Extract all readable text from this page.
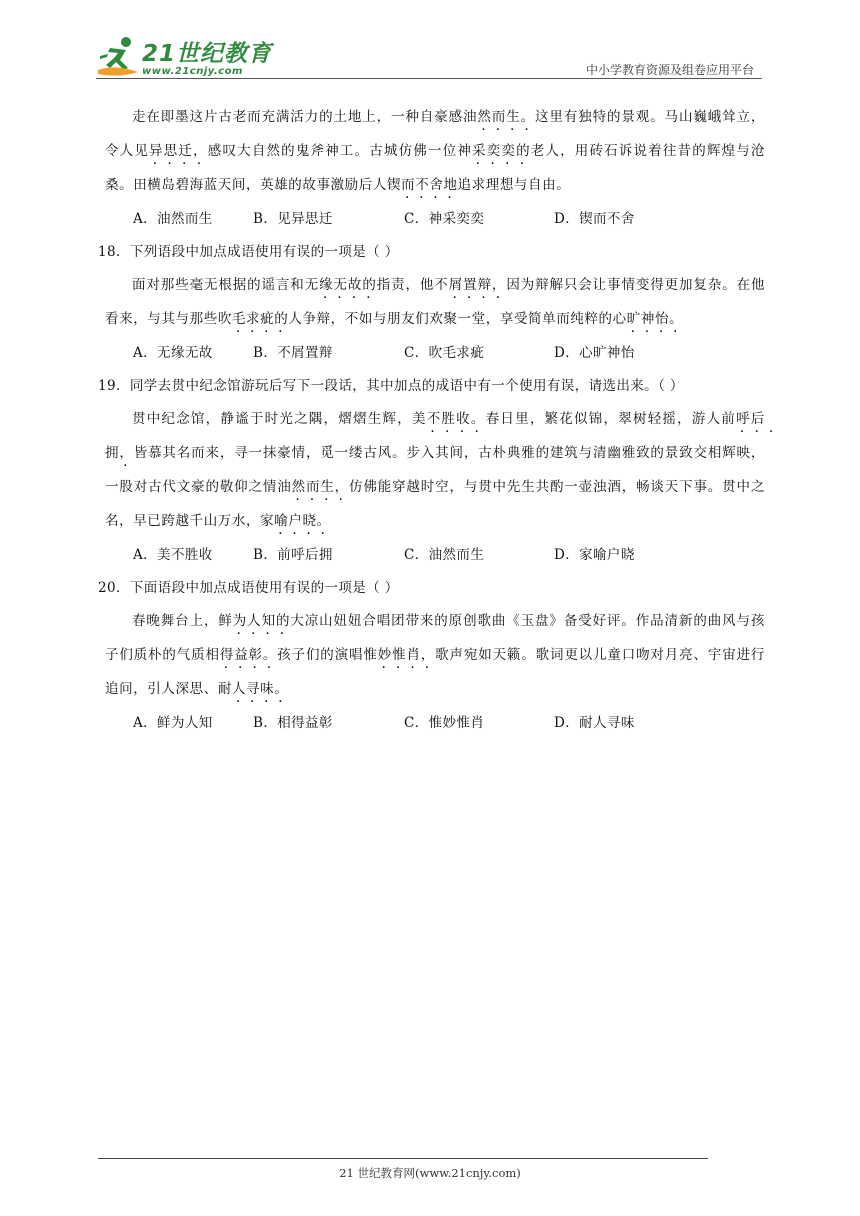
21世纪教育
www.21cnjy.com	中小学教育资源及组卷应用平台

走在即墨这片古老而充满活力的土地上，一种自豪感油然而生。这里有独特的景观。马山巍峨耸立，令人见异思迁，感叹大自然的鬼斧神工。古城仿佛一位神采奕奕的老人，用砖石诉说着往昔的辉煌与沧桑。田横岛碧海蓝天间，英雄的故事激励后人锲而不舍地追求理想与自由。

A．油然而生	B．见异思迁	C．神采奕奕	D．锲而不舍

18．下列语段中加点成语使用有误的一项是（ ）

面对那些毫无根据的谣言和无缘无故的指责，他不屑置辩，因为辩解只会让事情变得更加复杂。在他看来，与其与那些吹毛求疵的人争辩，不如与朋友们欢聚一堂，享受简单而纯粹的心旷神怡。

A．无缘无故	B．不屑置辩	C．吹毛求疵	D．心旷神怡

19．同学去贯中纪念馆游玩后写下一段话，其中加点的成语中有一个使用有误，请选出来。（ ）

贯中纪念馆，静谧于时光之隅，熠熠生辉，美不胜收。春日里，繁花似锦，翠树轻摇，游人前呼后拥，皆慕其名而来，寻一抹豪情，觅一缕古风。步入其间，古朴典雅的建筑与清幽雅致的景致交相辉映，一股对古代文豪的敬仰之情油然而生，仿佛能穿越时空，与贯中先生共酌一壶浊酒，畅谈天下事。贯中之名，早已跨越千山万水，家喻户晓。

A．美不胜收	B．前呼后拥	C．油然而生	D．家喻户晓

20．下面语段中加点成语使用有误的一项是（ ）

春晚舞台上，鲜为人知的大凉山妞妞合唱团带来的原创歌曲《玉盘》备受好评。作品清新的曲风与孩子们质朴的气质相得益彰。孩子们的演唱惟妙惟肖，歌声宛如天籁。歌词更以儿童口吻对月亮、宇宙进行追问，引人深思、耐人寻味。

A．鲜为人知	B．相得益彰	C．惟妙惟肖	D．耐人寻味
21 世纪教育网(www.21cnjy.com)
